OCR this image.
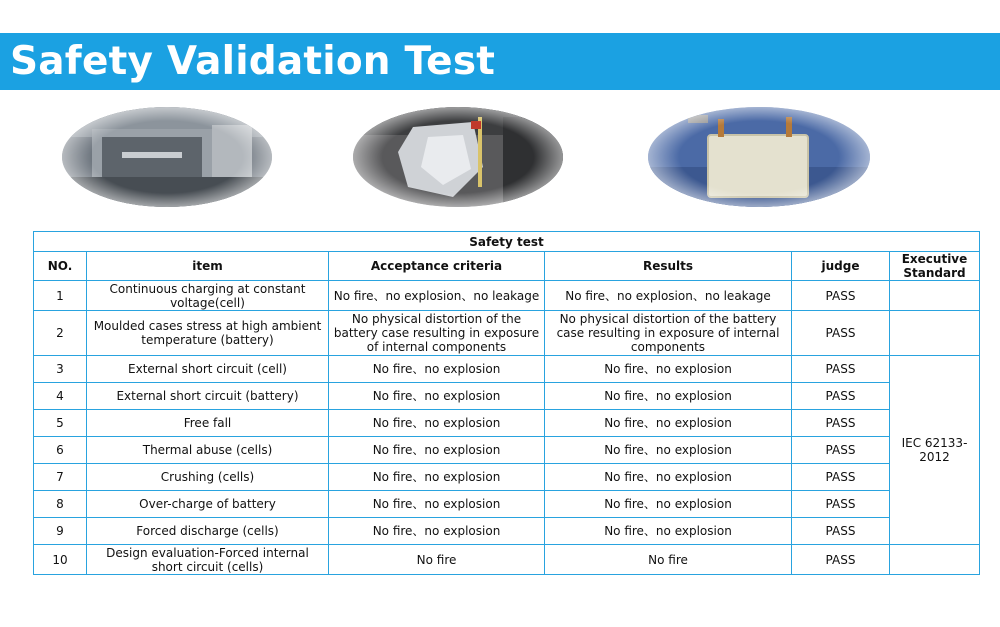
Safety Validation Test
Safety test					
NO.	item	Acceptance criteria	Results	judge	Executive Standard
1	Continuous charging at constant voltage(cell)	No fire、no explosion、no leakage	No fire、no explosion、no leakage	PASS	
2	Moulded cases stress at high ambient temperature (battery)	No physical distortion of the battery case resulting in exposure of internal components	No physical distortion of the battery case resulting in exposure of internal components	PASS	
3	External short circuit (cell)	No fire、no explosion	No fire、no explosion	PASS	IEC 62133-2012
4	External short circuit (battery)	No fire、no explosion	No fire、no explosion	PASS	
5	Free fall	No fire、no explosion	No fire、no explosion	PASS	
6	Thermal abuse (cells)	No fire、no explosion	No fire、no explosion	PASS	
7	Crushing (cells)	No fire、no explosion	No fire、no explosion	PASS	
8	Over-charge of battery	No fire、no explosion	No fire、no explosion	PASS	
9	Forced discharge (cells)	No fire、no explosion	No fire、no explosion	PASS	
10	Design evaluation-Forced internal short circuit (cells)	No fire	No fire	PASS	
